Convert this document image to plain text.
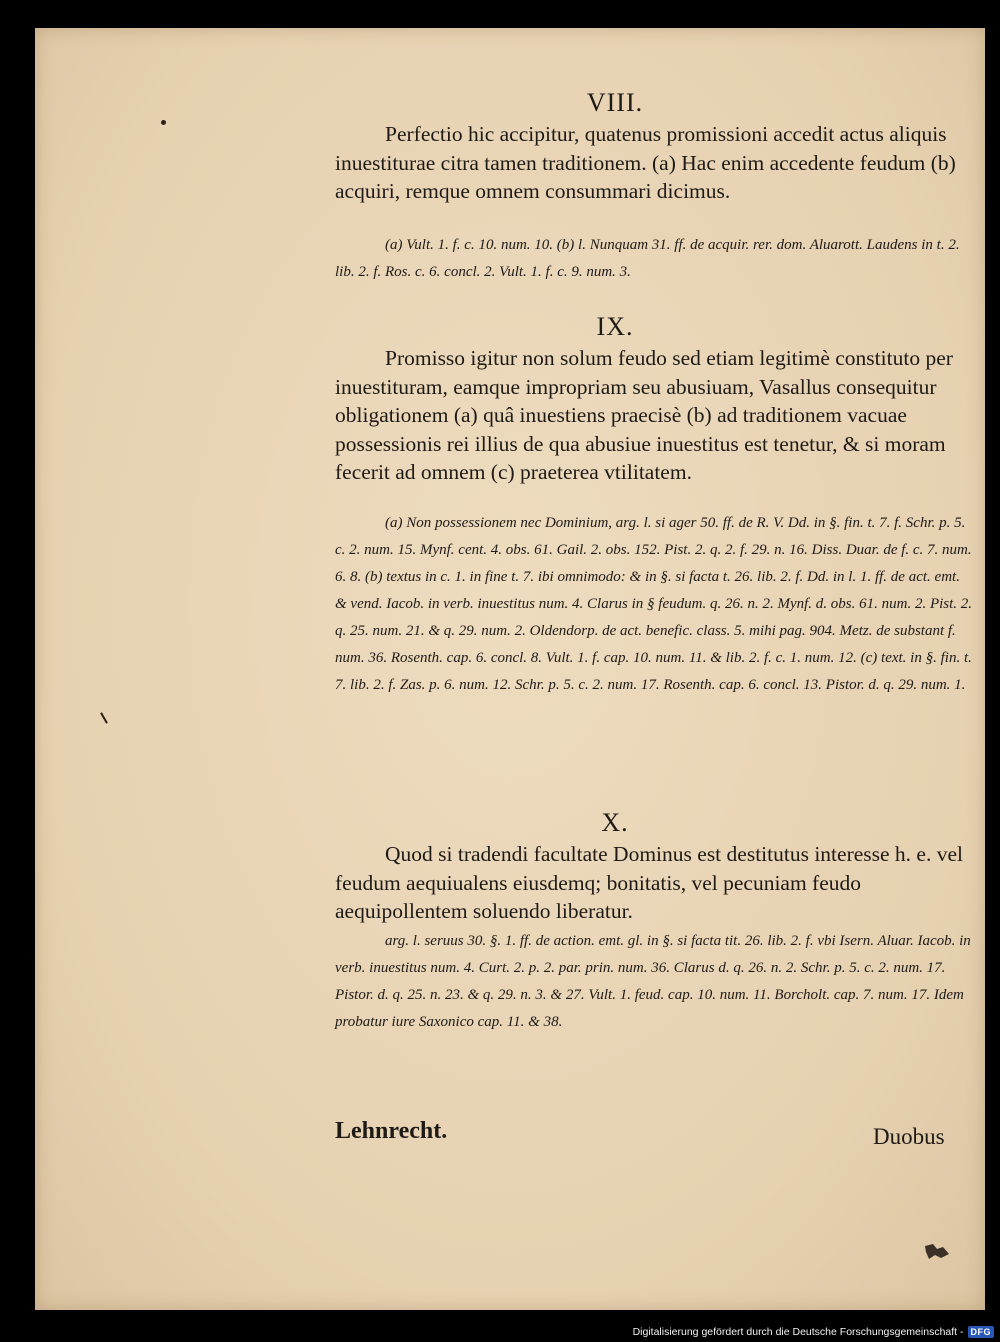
VIII.

Perfectio hic accipitur, quatenus promissioni accedit actus aliquis inuestiturae citra tamen traditionem. (a) Hac enim accedente feudum (b) acquiri, remque omnem consummari dicimus.

(a) Vult. 1. f. c. 10. num. 10. (b) l. Nunquam 31. ff. de acquir. rer. dom. Aluarott. Laudens in t. 2. lib. 2. f. Ros. c. 6. concl. 2. Vult. 1. f. c. 9. num. 3.

IX.

Promisso igitur non solum feudo sed etiam legitimè constituto per inuestituram, eamque impropriam seu abusiuam, Vasallus consequitur obligationem (a) quâ inuestiens praecisè (b) ad traditionem vacuae possessionis rei illius de qua abusiue inuestitus est tenetur, & si moram fecerit ad omnem (c) praeterea vtilitatem.

(a) Non possessionem nec Dominium, arg. l. si ager 50. ff. de R. V. Dd. in §. fin. t. 7. f. Schr. p. 5. c. 2. num. 15. Mynf. cent. 4. obs. 61. Gail. 2. obs. 152. Pist. 2. q. 2. f. 29. n. 16. Diss. Duar. de f. c. 7. num. 6. 8. (b) textus in c. 1. in fine t. 7. ibi omnimodo: & in §. si facta t. 26. lib. 2. f. Dd. in l. 1. ff. de act. emt. & vend. Iacob. in verb. inuestitus num. 4. Clarus in § feudum. q. 26. n. 2. Mynf. d. obs. 61. num. 2. Pist. 2. q. 25. num. 21. & q. 29. num. 2. Oldendorp. de act. benefic. class. 5. mihi pag. 904. Metz. de substant f. num. 36. Rosenth. cap. 6. concl. 8. Vult. 1. f. cap. 10. num. 11. & lib. 2. f. c. 1. num. 12. (c) text. in §. fin. t. 7. lib. 2. f. Zas. p. 6. num. 12. Schr. p. 5. c. 2. num. 17. Rosenth. cap. 6. concl. 13. Pistor. d. q. 29. num. 1.

X.

Quod si tradendi facultate Dominus est destitutus interesse h. e. vel feudum aequiualens eiusdemq; bonitatis, vel pecuniam feudo aequipollentem soluendo liberatur.

arg. l. seruus 30. §. 1. ff. de action. emt. gl. in §. si facta tit. 26. lib. 2. f. vbi Isern. Aluar. Iacob. in verb. inuestitus num. 4. Curt. 2. p. 2. par. prin. num. 36. Clarus d. q. 26. n. 2. Schr. p. 5. c. 2. num. 17. Pistor. d. q. 25. n. 23. & q. 29. n. 3. & 27. Vult. 1. feud. cap. 10. num. 11. Borcholt. cap. 7. num. 17. Idem probatur iure Saxonico cap. 11. & 38.

Lehnrecht.	Duobus
Digitalisierung gefördert durch die Deutsche Forschungsgemeinschaft - DFG
